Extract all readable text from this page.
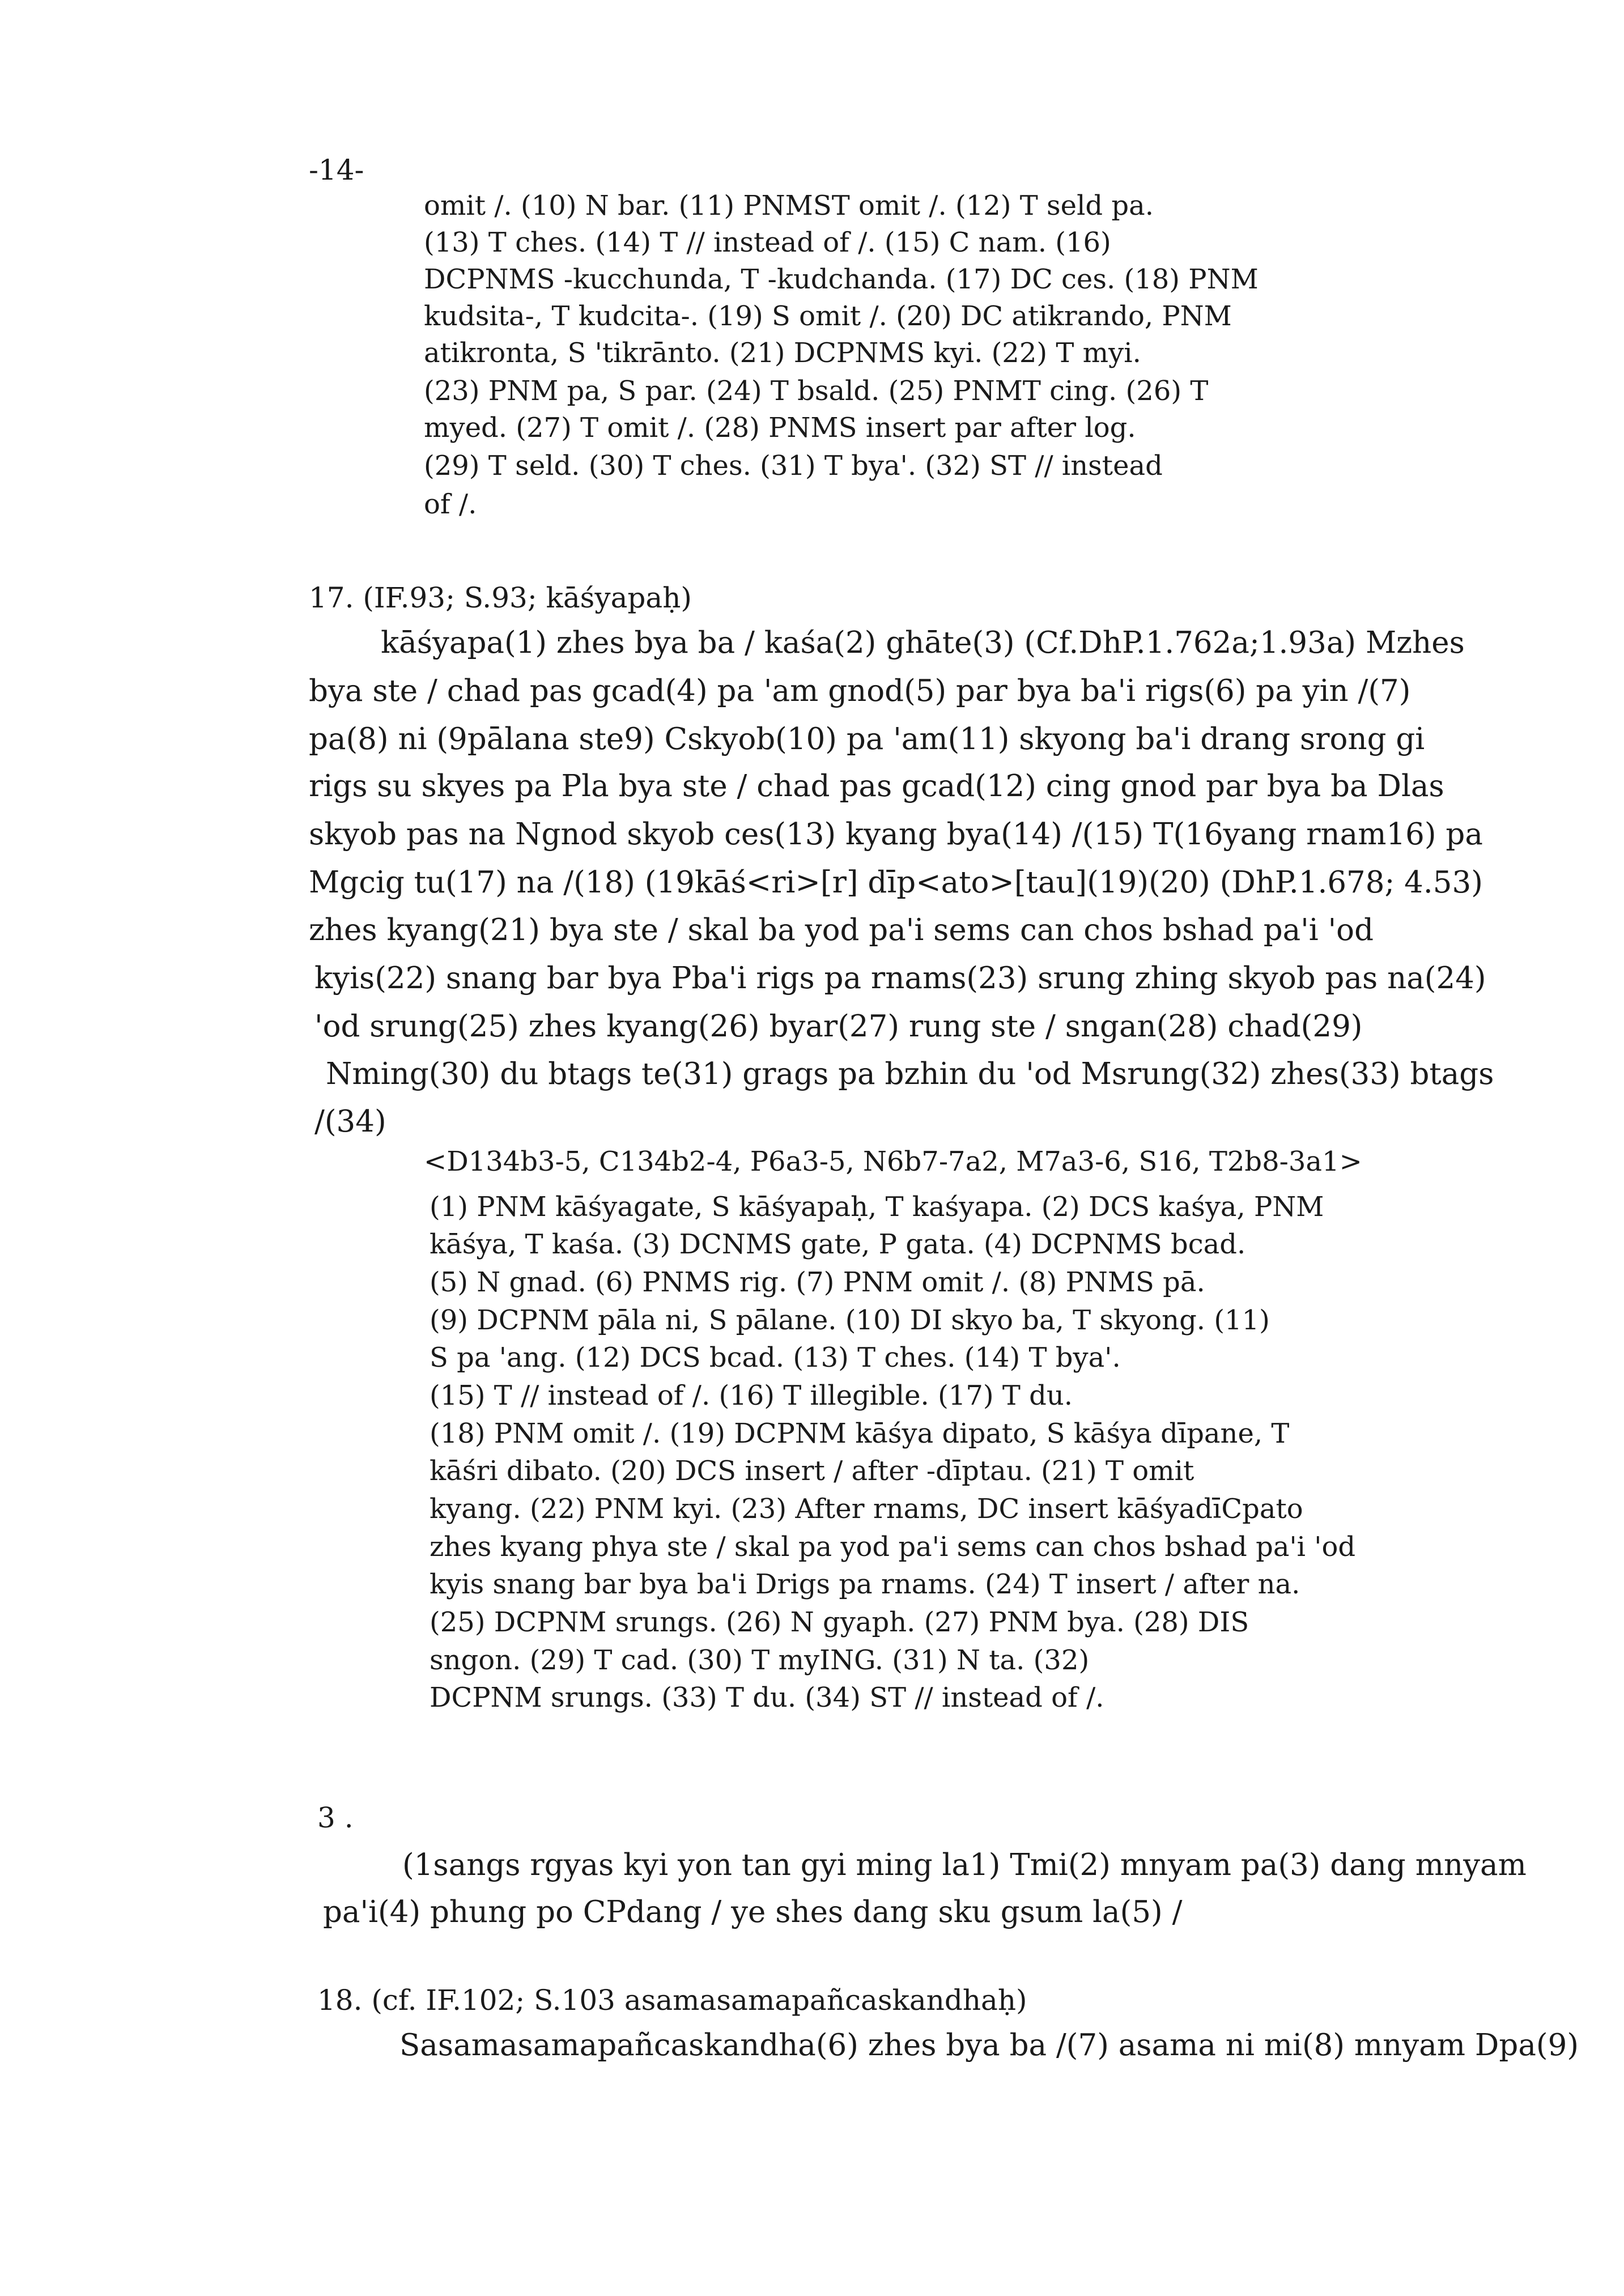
-14-
omit /. (10) N bar. (11) PNMST omit /. (12) T seld pa.
(13) T ches. (14) T // instead of /. (15) C nam. (16)
DCPNMS -kucchunda, T -kudchanda. (17) DC ces. (18) PNM
kudsita-, T kudcita-. (19) S omit /. (20) DC atikrando, PNM
atikronta, S 'tikrānto. (21) DCPNMS kyi. (22) T myi.
(23) PNM pa, S par. (24) T bsald. (25) PNMT cing. (26) T
myed. (27) T omit /. (28) PNMS insert par after log.
(29) T seld. (30) T ches. (31) T bya'. (32) ST // instead
of /.
17. (IF.93; S.93; kāśyapaḥ)
kāśyapa(1) zhes bya ba / kaśa(2) ghāte(3) (Cf.DhP.1.762a;1.93a) Mzhes
bya ste / chad pas gcad(4) pa 'am gnod(5) par bya ba'i rigs(6) pa yin /(7)
pa(8) ni (9pālana ste9) Cskyob(10) pa 'am(11) skyong ba'i drang srong gi
rigs su skyes pa Pla bya ste / chad pas gcad(12) cing gnod par bya ba Dlas
skyob pas na Ngnod skyob ces(13) kyang bya(14) /(15) T(16yang rnam16) pa
Mgcig tu(17) na /(18) (19kāś<ri>[r] dīp<ato>[tau](19)(20) (DhP.1.678; 4.53)
zhes kyang(21) bya ste / skal ba yod pa'i sems can chos bshad pa'i 'od
kyis(22) snang bar bya Pba'i rigs pa rnams(23) srung zhing skyob pas na(24)
'od srung(25) zhes kyang(26) byar(27) rung ste / sngan(28) chad(29)
Nming(30) du btags te(31) grags pa bzhin du 'od Msrung(32) zhes(33) btags
/(34)
<D134b3-5, C134b2-4, P6a3-5, N6b7-7a2, M7a3-6, S16, T2b8-3a1>
(1) PNM kāśyagate, S kāśyapaḥ, T kaśyapa. (2) DCS kaśya, PNM
kāśya, T kaśa. (3) DCNMS gate, P gata. (4) DCPNMS bcad.
(5) N gnad. (6) PNMS rig. (7) PNM omit /. (8) PNMS pā.
(9) DCPNM pāla ni, S pālane. (10) DI skyo ba, T skyong. (11)
S pa 'ang. (12) DCS bcad. (13) T ches. (14) T bya'.
(15) T // instead of /. (16) T illegible. (17) T du.
(18) PNM omit /. (19) DCPNM kāśya dipato, S kāśya dīpane, T
kāśri dibato. (20) DCS insert / after -dīptau. (21) T omit
kyang. (22) PNM kyi. (23) After rnams, DC insert kāśyadīCpato
zhes kyang phya ste / skal pa yod pa'i sems can chos bshad pa'i 'od
kyis snang bar bya ba'i Drigs pa rnams. (24) T insert / after na.
(25) DCPNM srungs. (26) N gyaph. (27) PNM bya. (28) DIS
sngon. (29) T cad. (30) T myING. (31) N ta. (32)
DCPNM srungs. (33) T du. (34) ST // instead of /.
3 .
(1sangs rgyas kyi yon tan gyi ming la1) Tmi(2) mnyam pa(3) dang mnyam
pa'i(4) phung po CPdang / ye shes dang sku gsum la(5) /
18. (cf. IF.102; S.103 asamasamapañcaskandhaḥ)
Sasamasamapañcaskandha(6) zhes bya ba /(7) asama ni mi(8) mnyam Dpa(9)
